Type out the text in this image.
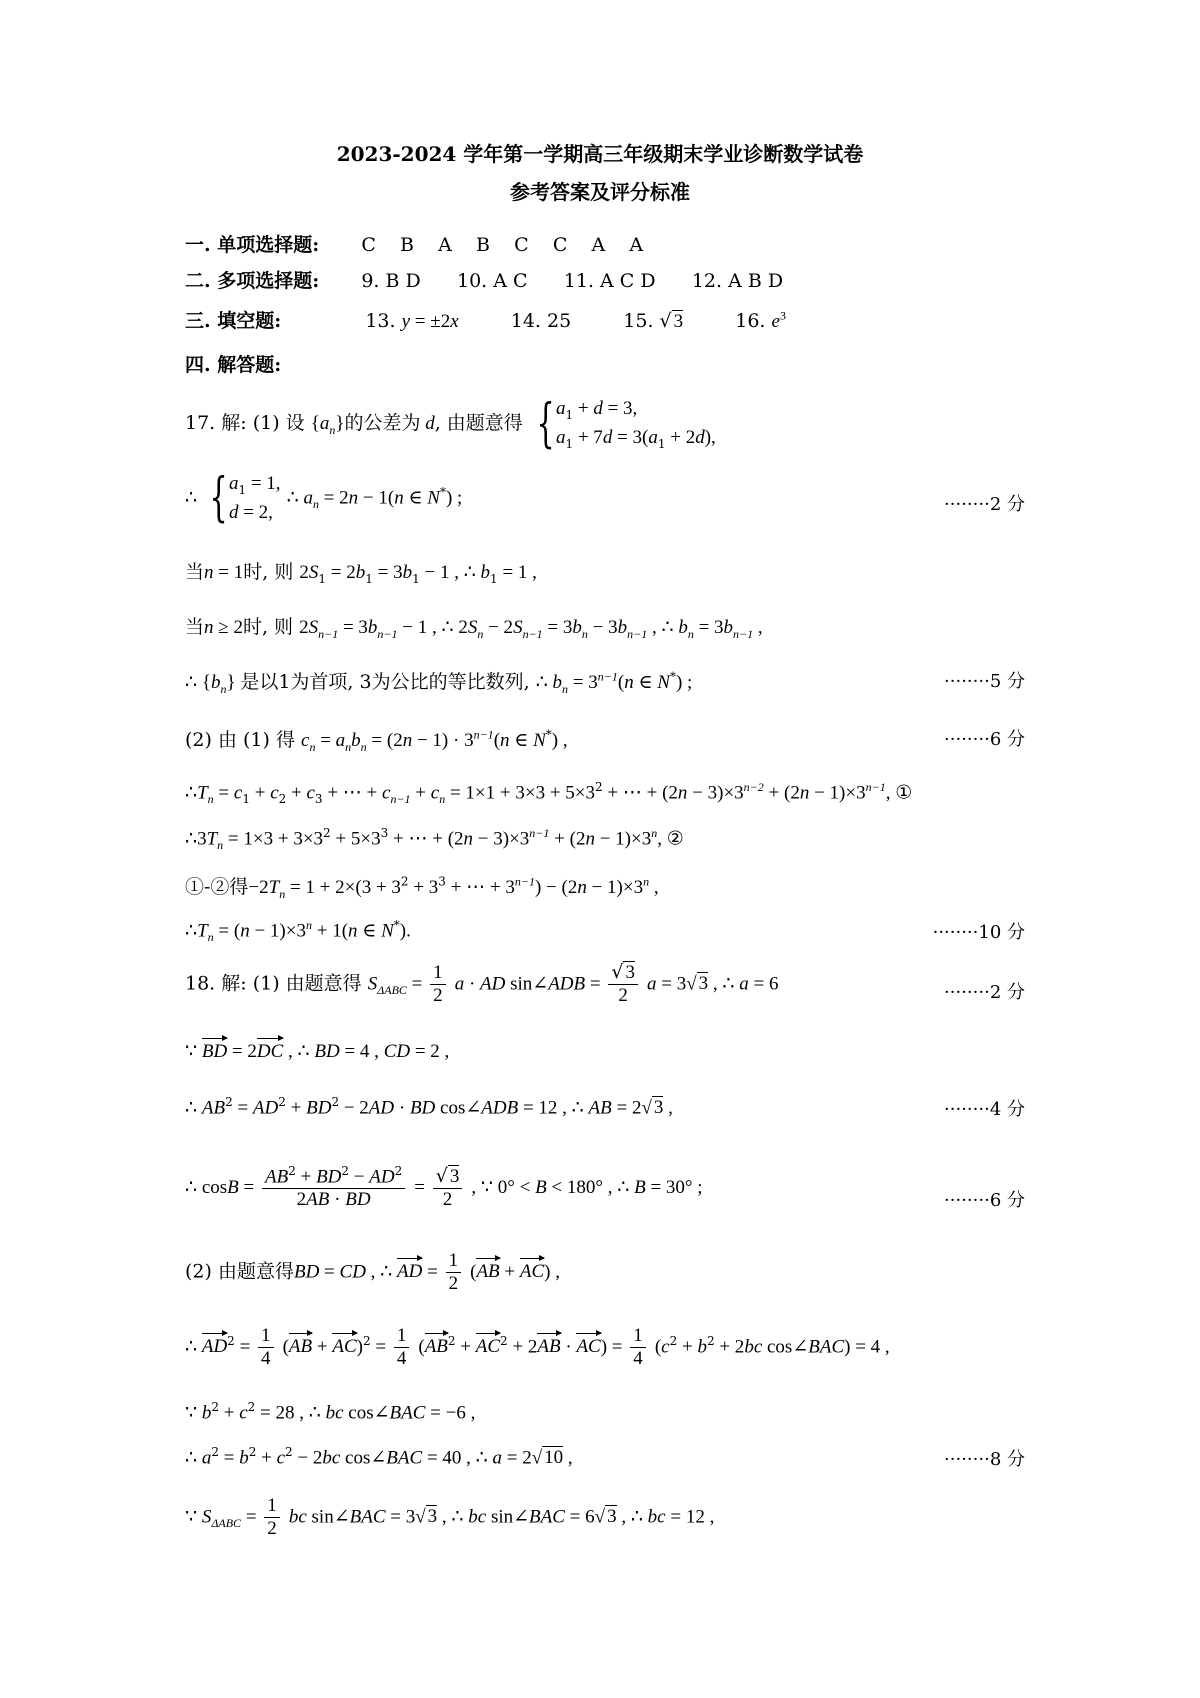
2023-2024 学年第一学期高三年级期末学业诊断数学试卷
参考答案及评分标准
一. 单项选择题: C    B    A    B    C    C    A    A
二. 多项选择题: 9. B D      10. A C      11. A C D      12. A B D
三. 填空题:	13. y = ±2x	14. 25	15. √ 3	16. $e^3$
四. 解答题:
17. 解: (1) 设 $\{a_n\}$的公差为 d, 由题意得 { $a_1 + d = 3$,
$a_1 + 7d = 3(a_1 + 2d)$,
∴ { $a_1 = 1$,
d = 2,
∴ $a_n = 2n - 1(n$ ∈ N*) ;	········2 分
当n = 1时, 则 $2S_1 = 2b_1 = 3b_1 - 1$ , ∴ $b_1 = 1$ ,
当n ≥ 2时, 则 $2S_{n-1} = 3b_{n-1} - 1$ , ∴ $2S_n - 2S_{n-1} = 3b_n - 3b_{n-1}$ , ∴ $b_n = 3b_{n-1}$ ,
∴ $\{b_n\}$ 是以1为首项, 3为公比的等比数列, ∴ $b_n = 3^{n-1}(n$ ∈ N*) ;	········5 分
(2) 由 (1) 得 $c_n = a_nb_n = (2n - 1) \cdot 3^{n-1}(n$ ∈ N*) ,	········6 分
$\therefore T_n = c_1 + c_2 + c_3$ + ⋯ + $c_{n-1} + c_n = 1\times 1 + 3\times 3 + 5\times 3^2$ + ⋯ + $(2n - 3)\times 3^{n-2} + (2n - 1)\times 3^{n-1}$, ①
$\therefore 3T_n = 1\times 3 + 3\times 3^2 + 5\times 3^3$ + ⋯ + $(2n - 3)\times 3^{n-1} + (2n - 1)\times 3^n$, ②
①-②得$-2T_n = 1 + 2\times(3 + 3^2 + 3^3$ + ⋯ + $3^{n-1}) - (2n - 1)\times 3^n$ ,
$\therefore T_n = (n - 1)\times 3^n + 1(n$ ∈ N*).	········10 分
18. 解: (1) 由题意得 $S_{\Delta ABC} = \frac{1}{2}$ a · AD sin∠ADB = $\frac{√ 3}{2}$ a = 3√ 3 , ∴ a = 6	········2 分
∵ BD = 2DC , ∴ BD = 4 , CD = 2 ,
∴ $AB^2 = AD^2 + BD^2 - 2AD$ · BD cos∠ADB = 12 , ∴ AB = 2√ 3 ,	········4 分
∴ $\cos B = \frac{AB^2 + BD^2 - AD^2}{2AB \cdot BD} = \frac{√ 3}{2}$ , ∵ 0° < B < 180° , ∴ B = 30° ;
········6 分
(2) 由题意得BD = CD , ∴ AD = $\frac{1}{2} (AB + AC)$ ,
∴ $AD^2 = \frac{1}{4} (AB + AC)^2 = \frac{1}{4} (AB^2 + AC^2 + 2AB \cdot AC) = \frac{1}{4} (c^2 + b^2 + 2bc$ cos∠BAC) = 4 ,
∵ $b^2 + c^2 = 28$ , ∴ bc cos∠BAC = −6 ,
∴ $a^2 = b^2 + c^2 - 2bc$ cos∠BAC = 40 , ∴ a = 2√ 10 ,	········8 分
∵ $S_{\Delta ABC} = \frac{1}{2}$ bc sin∠BAC = 3√ 3 , ∴ bc sin∠BAC = 6√ 3 , ∴ bc = 12 ,
